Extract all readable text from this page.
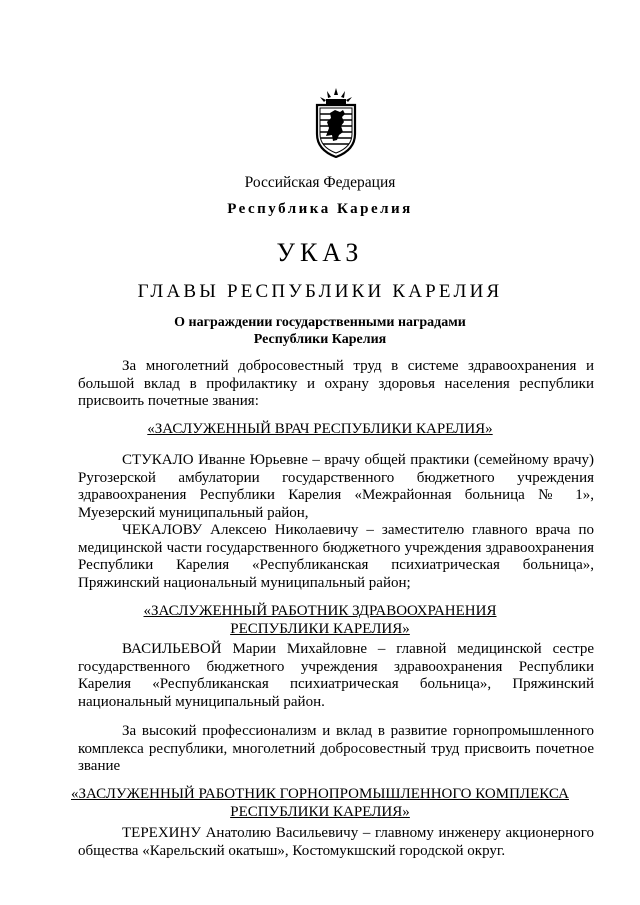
Российская Федерация
Республика Карелия
УКАЗ
ГЛАВЫ РЕСПУБЛИКИ КАРЕЛИЯ
О награждении государственными наградами
Республики Карелия

За многолетний добросовестный труд в системе здравоохранения и большой вклад в профилактику и охрану здоровья населения республики присвоить почетные звания:

«ЗАСЛУЖЕННЫЙ ВРАЧ РЕСПУБЛИКИ КАРЕЛИЯ»

СТУКАЛО Иванне Юрьевне – врачу общей практики (семейному врачу) Ругозерской амбулатории государственного бюджетного учреждения здравоохранения Республики Карелия «Межрайонная больница № 1», Муезерский муниципальный район,

ЧЕКАЛОВУ Алексею Николаевичу – заместителю главного врача по медицинской части государственного бюджетного учреждения здравоохранения Республики Карелия «Республиканская психиатрическая больница», Пряжинский национальный муниципальный район;

«ЗАСЛУЖЕННЫЙ РАБОТНИК ЗДРАВООХРАНЕНИЯ
РЕСПУБЛИКИ КАРЕЛИЯ»

ВАСИЛЬЕВОЙ Марии Михайловне – главной медицинской сестре государственного бюджетного учреждения здравоохранения Республики Карелия «Республиканская психиатрическая больница», Пряжинский национальный муниципальный район.

За высокий профессионализм и вклад в развитие горнопромышленного комплекса республики, многолетний добросовестный труд присвоить почетное звание

«ЗАСЛУЖЕННЫЙ РАБОТНИК ГОРНОПРОМЫШЛЕННОГО КОМПЛЕКСА
РЕСПУБЛИКИ КАРЕЛИЯ»

ТЕРЕХИНУ Анатолию Васильевичу – главному инженеру акционерного общества «Карельский окатыш», Костомукшский городской округ.
